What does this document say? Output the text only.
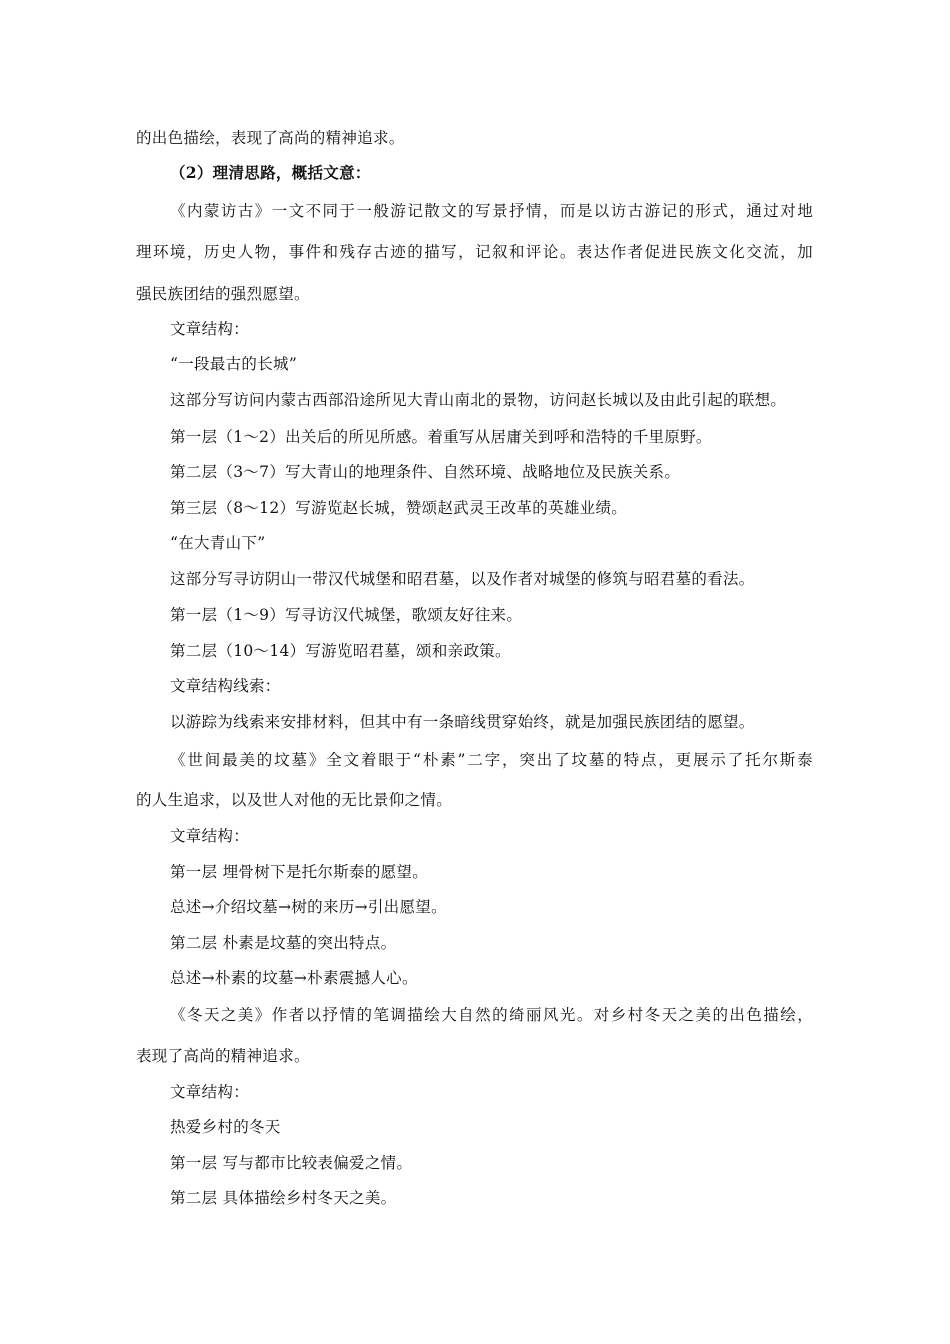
的出色描绘，表现了高尚的精神追求。
（2）理清思路，概括文意：
《内蒙访古》一文不同于一般游记散文的写景抒情，而是以访古游记的形式，通过对地
理环境，历史人物，事件和残存古迹的描写，记叙和评论。表达作者促进民族文化交流，加
强民族团结的强烈愿望。
文章结构：
“一段最古的长城”
这部分写访问内蒙古西部沿途所见大青山南北的景物，访问赵长城以及由此引起的联想。
第一层（1～2）出关后的所见所感。着重写从居庸关到呼和浩特的千里原野。
第二层（3～7）写大青山的地理条件、自然环境、战略地位及民族关系。
第三层（8～12）写游览赵长城，赞颂赵武灵王改革的英雄业绩。
“在大青山下”
这部分写寻访阴山一带汉代城堡和昭君墓，以及作者对城堡的修筑与昭君墓的看法。
第一层（1～9）写寻访汉代城堡，歌颂友好往来。
第二层（10～14）写游览昭君墓，颂和亲政策。
文章结构线索：
以游踪为线索来安排材料，但其中有一条暗线贯穿始终，就是加强民族团结的愿望。
《世间最美的坟墓》全文着眼于“朴素”二字，突出了坟墓的特点，更展示了托尔斯泰
的人生追求，以及世人对他的无比景仰之情。
文章结构：
第一层 埋骨树下是托尔斯泰的愿望。
总述→介绍坟墓→树的来历→引出愿望。
第二层 朴素是坟墓的突出特点。
总述→朴素的坟墓→朴素震撼人心。
《冬天之美》作者以抒情的笔调描绘大自然的绮丽风光。对乡村冬天之美的出色描绘，
表现了高尚的精神追求。
文章结构：
热爱乡村的冬天
第一层 写与都市比较表偏爱之情。
第二层 具体描绘乡村冬天之美。
